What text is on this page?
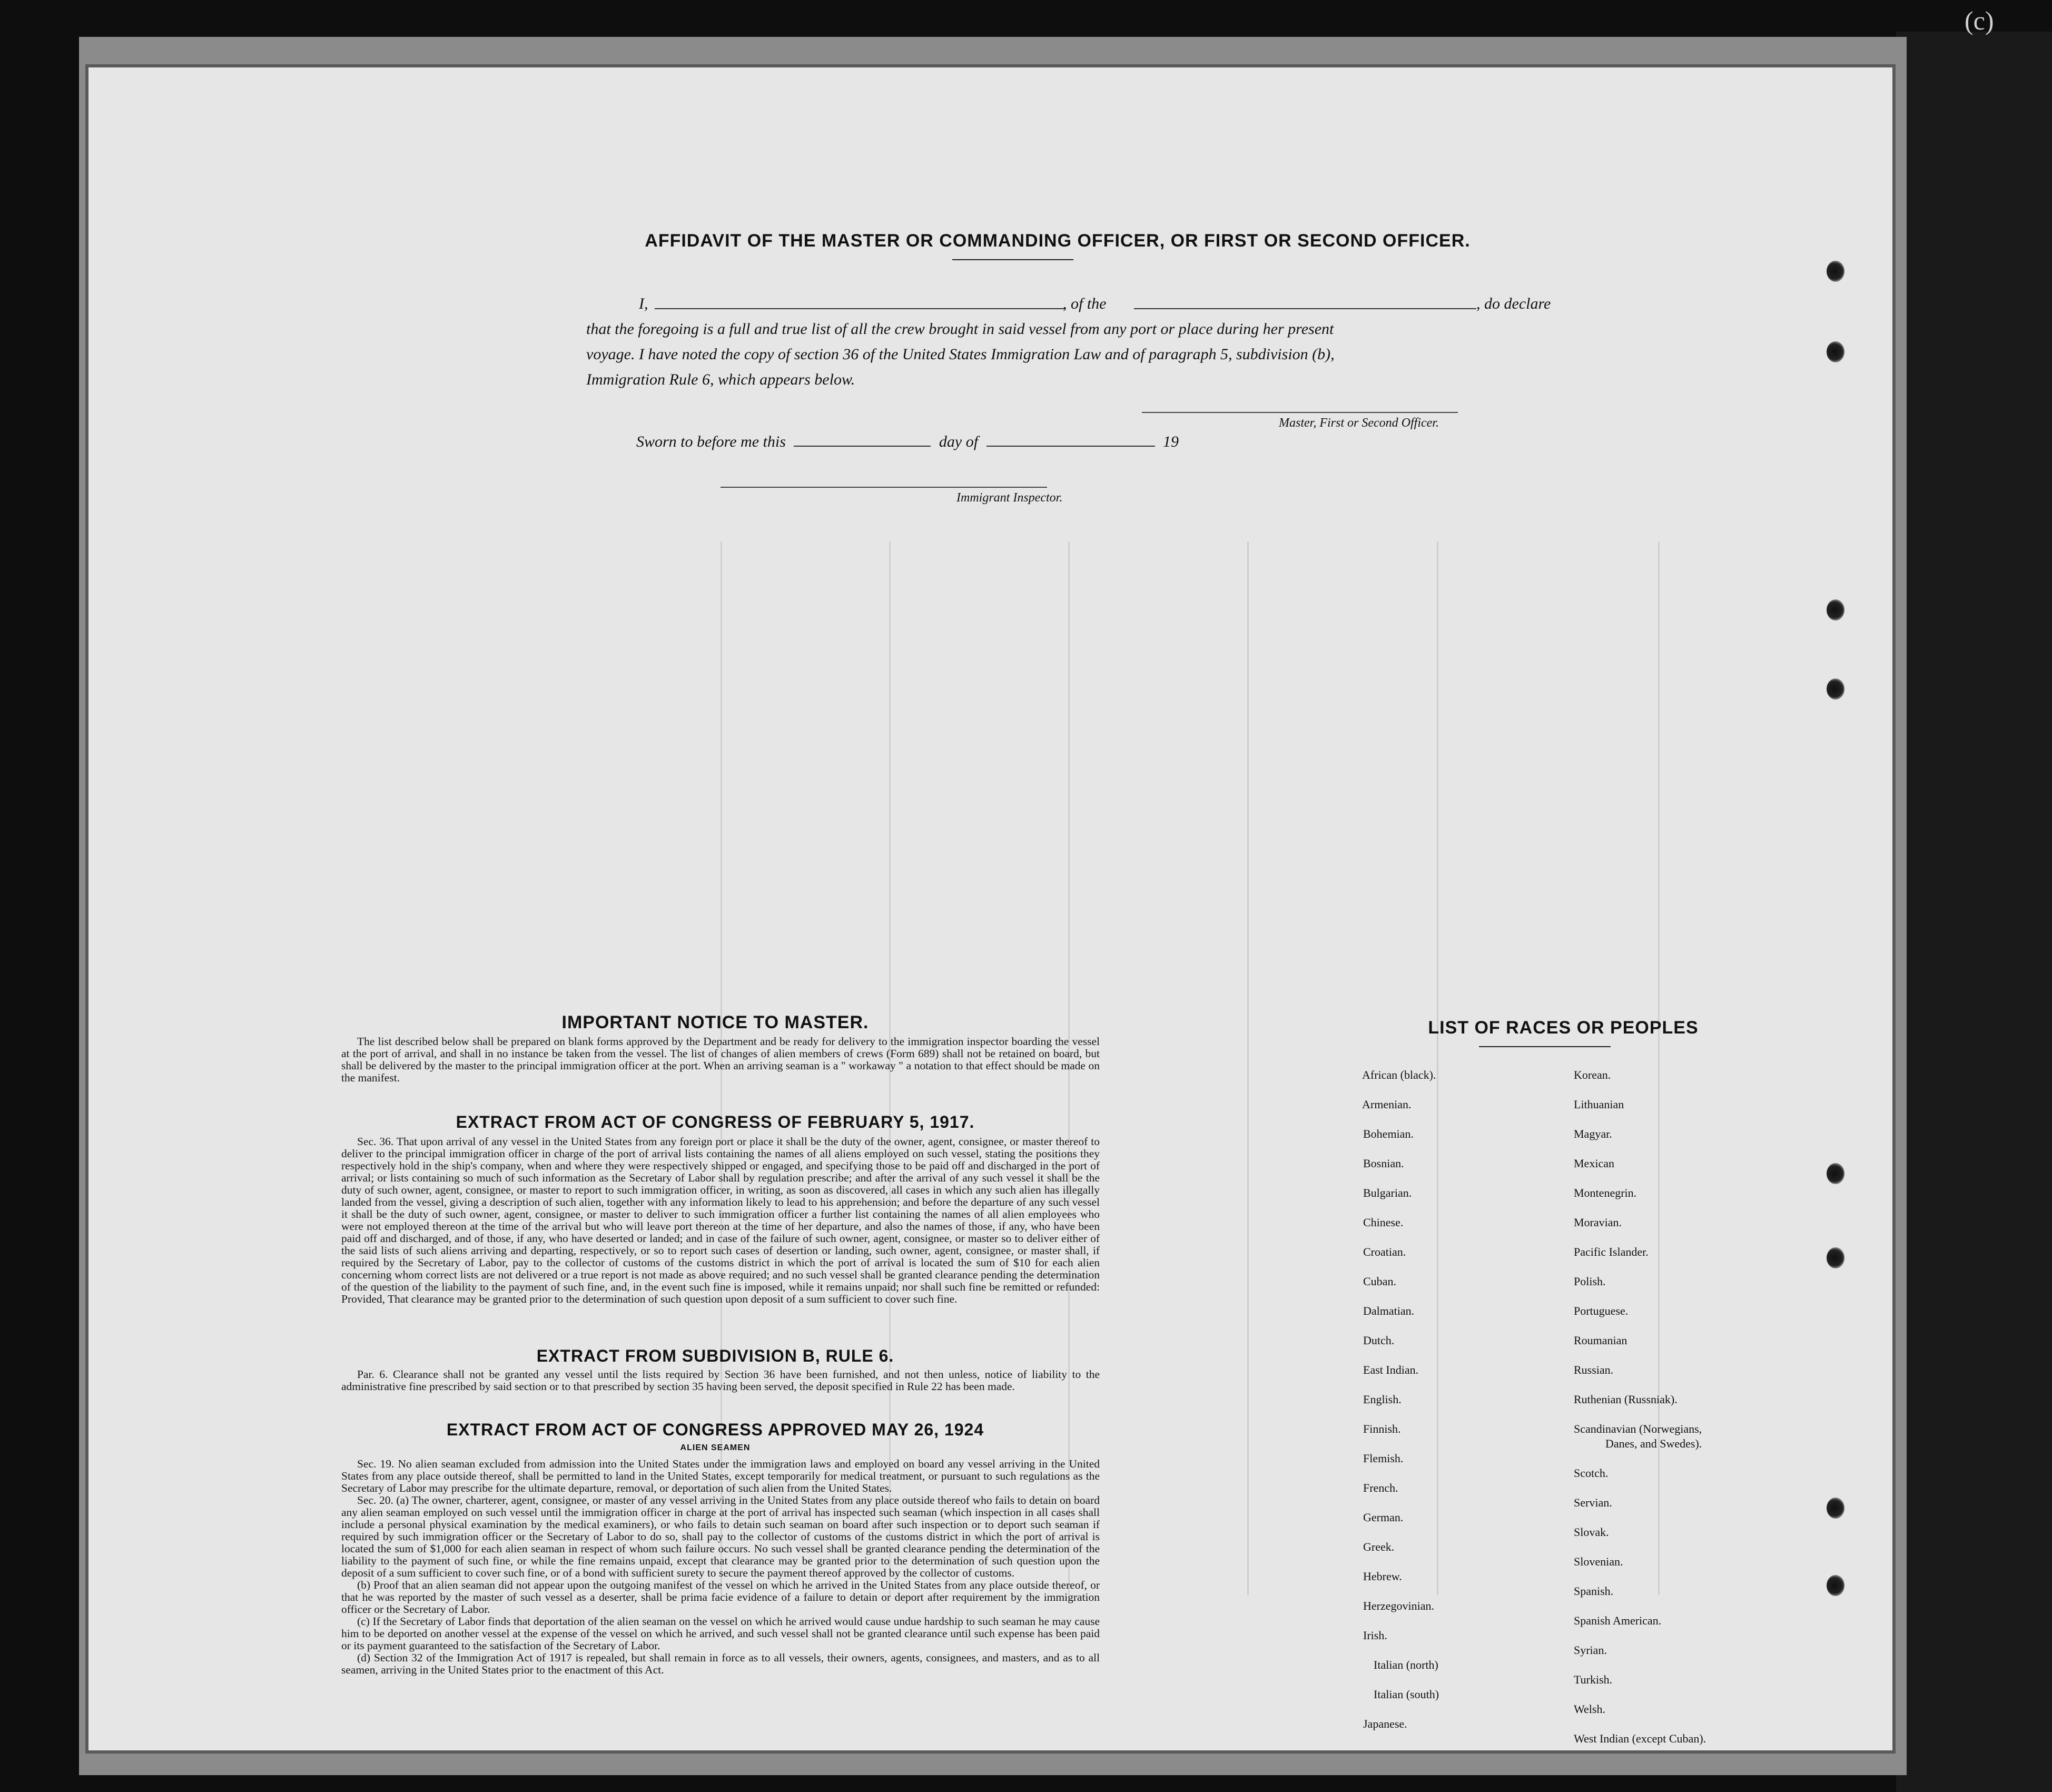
(c)

AFFIDAVIT OF THE MASTER OR COMMANDING OFFICER, OR FIRST OR SECOND OFFICER.
I,	, of the	, do declare
that the foregoing is a full and true list of all the crew brought in said vessel from any port or place during her present
voyage. I have noted the copy of section 36 of the United States Immigration Law and of paragraph 5, subdivision (b),
Immigration Rule 6, which appears below.
Master, First or Second Officer.
Sworn to before me this	day of	19
Immigrant Inspector.
IMPORTANT NOTICE TO MASTER.

The list described below shall be prepared on blank forms approved by the Department and be ready for delivery to the immigration inspector boarding the vessel at the port of arrival, and shall in no instance be taken from the vessel. The list of changes of alien members of crews (Form 689) shall not be retained on board, but shall be delivered by the master to the principal immigration officer at the port. When an arriving seaman is a " workaway " a notation to that effect should be made on the manifest.

EXTRACT FROM ACT OF CONGRESS OF FEBRUARY 5, 1917.

Sec. 36. That upon arrival of any vessel in the United States from any foreign port or place it shall be the duty of the owner, agent, consignee, or master thereof to deliver to the principal immigration officer in charge of the port of arrival lists containing the names of all aliens employed on such vessel, stating the positions they respectively hold in the ship's company, when and where they were respectively shipped or engaged, and specifying those to be paid off and discharged in the port of arrival; or lists containing so much of such information as the Secretary of Labor shall by regulation prescribe; and after the arrival of any such vessel it shall be the duty of such owner, agent, consignee, or master to report to such immigration officer, in writing, as soon as discovered, all cases in which any such alien has illegally landed from the vessel, giving a description of such alien, together with any information likely to lead to his apprehension; and before the departure of any such vessel it shall be the duty of such owner, agent, consignee, or master to deliver to such immigration officer a further list containing the names of all alien employees who were not employed thereon at the time of the arrival but who will leave port thereon at the time of her departure, and also the names of those, if any, who have been paid off and discharged, and of those, if any, who have deserted or landed; and in case of the failure of such owner, agent, consignee, or master so to deliver either of the said lists of such aliens arriving and departing, respectively, or so to report such cases of desertion or landing, such owner, agent, consignee, or master shall, if required by the Secretary of Labor, pay to the collector of customs of the customs district in which the port of arrival is located the sum of $10 for each alien concerning whom correct lists are not delivered or a true report is not made as above required; and no such vessel shall be granted clearance pending the determination of the question of the liability to the payment of such fine, and, in the event such fine is imposed, while it remains unpaid; nor shall such fine be remitted or refunded: Provided, That clearance may be granted prior to the determination of such question upon deposit of a sum sufficient to cover such fine.

EXTRACT FROM SUBDIVISION B, RULE 6.

Par. 6. Clearance shall not be granted any vessel until the lists required by Section 36 have been furnished, and not then unless, notice of liability to the administrative fine prescribed by said section or to that prescribed by section 35 having been served, the deposit specified in Rule 22 has been made.

EXTRACT FROM ACT OF CONGRESS APPROVED MAY 26, 1924
ALIEN SEAMEN

Sec. 19. No alien seaman excluded from admission into the United States under the immigration laws and employed on board any vessel arriving in the United States from any place outside thereof, shall be permitted to land in the United States, except temporarily for medical treatment, or pursuant to such regulations as the Secretary of Labor may prescribe for the ultimate departure, removal, or deportation of such alien from the United States.

Sec. 20. (a) The owner, charterer, agent, consignee, or master of any vessel arriving in the United States from any place outside thereof who fails to detain on board any alien seaman employed on such vessel until the immigration officer in charge at the port of arrival has inspected such seaman (which inspection in all cases shall include a personal physical examination by the medical examiners), or who fails to detain such seaman on board after such inspection or to deport such seaman if required by such immigration officer or the Secretary of Labor to do so, shall pay to the collector of customs of the customs district in which the port of arrival is located the sum of $1,000 for each alien seaman in respect of whom such failure occurs. No such vessel shall be granted clearance pending the determination of the liability to the payment of such fine, or while the fine remains unpaid, except that clearance may be granted prior to the determination of such question upon the deposit of a sum sufficient to cover such fine, or of a bond with sufficient surety to secure the payment thereof approved by the collector of customs.

(b) Proof that an alien seaman did not appear upon the outgoing manifest of the vessel on which he arrived in the United States from any place outside thereof, or that he was reported by the master of such vessel as a deserter, shall be prima facie evidence of a failure to detain or deport after requirement by the immigration officer or the Secretary of Labor.

(c) If the Secretary of Labor finds that deportation of the alien seaman on the vessel on which he arrived would cause undue hardship to such seaman he may cause him to be deported on another vessel at the expense of the vessel on which he arrived, and such vessel shall not be granted clearance until such expense has been paid or its payment guaranteed to the satisfaction of the Secretary of Labor.

(d) Section 32 of the Immigration Act of 1917 is repealed, but shall remain in force as to all vessels, their owners, agents, consignees, and masters, and as to all seamen, arriving in the United States prior to the enactment of this Act.

LIST OF RACES OR PEOPLES
African (black).
Armenian.
Bohemian.
Bosnian.
Bulgarian.
Chinese.
Croatian.
Cuban.
Dalmatian.
Dutch.
East Indian.
English.
Finnish.
Flemish.
French.
German.
Greek.
Hebrew.
Herzegovinian.
Irish.
Italian (north)
Italian (south)
Japanese.
Korean.
Lithuanian
Magyar.
Mexican
Montenegrin.
Moravian.
Pacific Islander.
Polish.
Portuguese.
Roumanian
Russian.
Ruthenian (Russniak).
Scandinavian (Norwegians,
Danes, and Swedes).
Scotch.
Servian.
Slovak.
Slovenian.
Spanish.
Spanish American.
Syrian.
Turkish.
Welsh.
West Indian (except Cuban).
